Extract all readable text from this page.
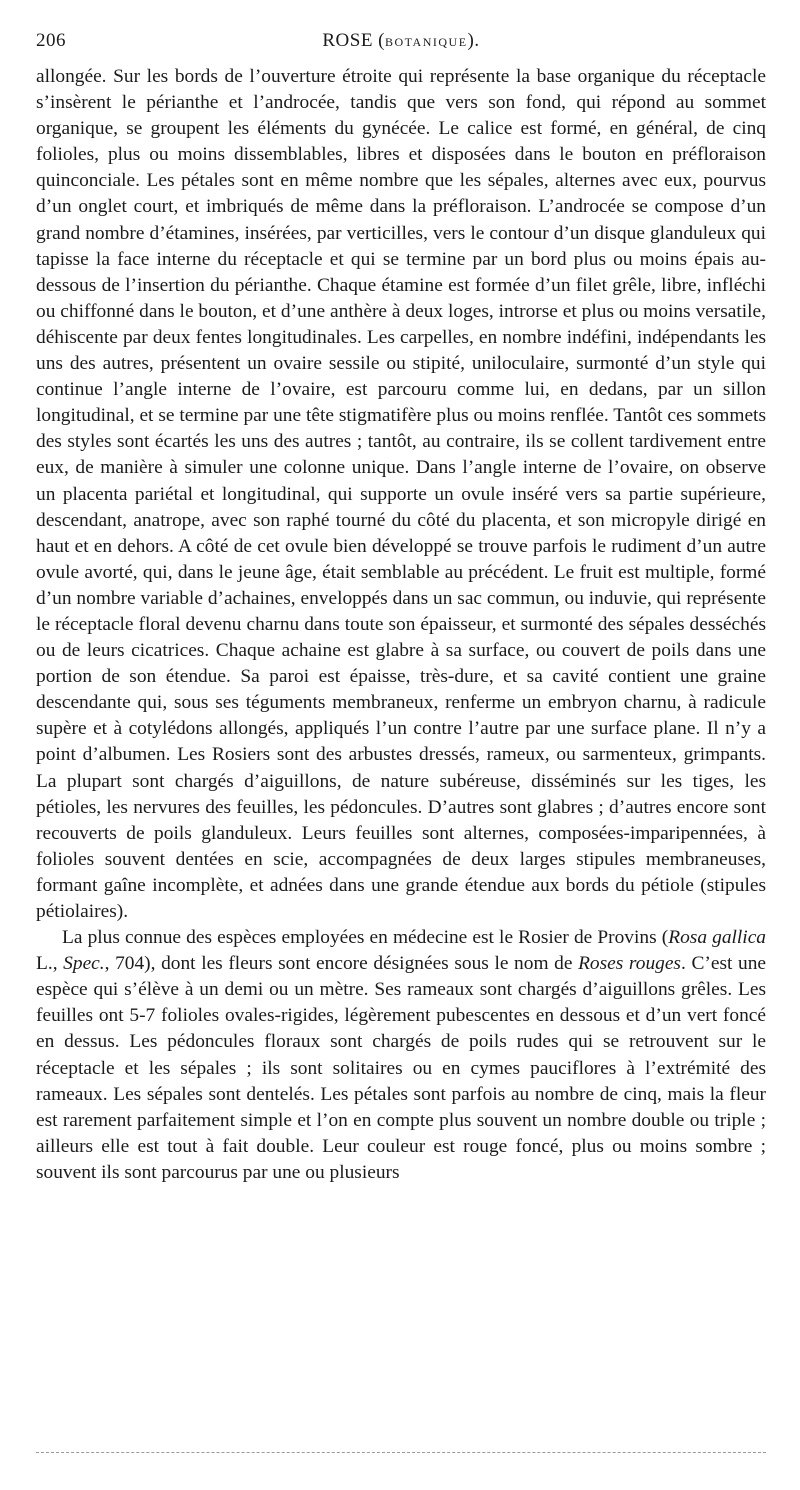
206	ROSE (BOTANIQUE).

allongée. Sur les bords de l’ouverture étroite qui représente la base organique du réceptacle s’insèrent le périanthe et l’androcée, tandis que vers son fond, qui répond au sommet organique, se groupent les éléments du gynécée. Le calice est formé, en général, de cinq folioles, plus ou moins dissemblables, libres et disposées dans le bouton en préfloraison quinconciale. Les pétales sont en même nombre que les sépales, alternes avec eux, pourvus d’un onglet court, et imbriqués de même dans la préfloraison. L’androcée se compose d’un grand nombre d’étamines, insérées, par verticilles, vers le contour d’un disque glanduleux qui tapisse la face interne du réceptacle et qui se termine par un bord plus ou moins épais au-dessous de l’insertion du périanthe. Chaque étamine est formée d’un filet grêle, libre, infléchi ou chiffonné dans le bouton, et d’une anthère à deux loges, introrse et plus ou moins versatile, déhiscente par deux fentes longitudinales. Les carpelles, en nombre indéfini, indépendants les uns des autres, présentent un ovaire sessile ou stipité, uniloculaire, surmonté d’un style qui continue l’angle interne de l’ovaire, est parcouru comme lui, en dedans, par un sillon longitudinal, et se termine par une tête stigmatifère plus ou moins renflée. Tantôt ces sommets des styles sont écartés les uns des autres ; tantôt, au contraire, ils se collent tardivement entre eux, de manière à simuler une colonne unique. Dans l’angle interne de l’ovaire, on observe un placenta pariétal et longitudinal, qui supporte un ovule inséré vers sa partie supérieure, descendant, anatrope, avec son raphé tourné du côté du placenta, et son micropyle dirigé en haut et en dehors. A côté de cet ovule bien développé se trouve parfois le rudiment d’un autre ovule avorté, qui, dans le jeune âge, était semblable au précédent. Le fruit est multiple, formé d’un nombre variable d’achaines, enveloppés dans un sac commun, ou induvie, qui représente le réceptacle floral devenu charnu dans toute son épaisseur, et surmonté des sépales desséchés ou de leurs cicatrices. Chaque achaine est glabre à sa surface, ou couvert de poils dans une portion de son étendue. Sa paroi est épaisse, très-dure, et sa cavité contient une graine descendante qui, sous ses téguments membraneux, renferme un embryon charnu, à radicule supère et à cotylédons allongés, appliqués l’un contre l’autre par une surface plane. Il n’y a point d’albumen. Les Rosiers sont des arbustes dressés, rameux, ou sarmenteux, grimpants. La plupart sont chargés d’aiguillons, de nature subéreuse, disséminés sur les tiges, les pétioles, les nervures des feuilles, les pédoncules. D’autres sont glabres ; d’autres encore sont recouverts de poils glanduleux. Leurs feuilles sont alternes, composées-imparipennées, à folioles souvent dentées en scie, accompagnées de deux larges stipules membraneuses, formant gaîne incomplète, et adnées dans une grande étendue aux bords du pétiole (stipules pétiolaires).

La plus connue des espèces employées en médecine est le Rosier de Provins (Rosa gallica L., Spec., 704), dont les fleurs sont encore désignées sous le nom de Roses rouges. C’est une espèce qui s’élève à un demi ou un mètre. Ses rameaux sont chargés d’aiguillons grêles. Les feuilles ont 5-7 folioles ovales-rigides, légèrement pubescentes en dessous et d’un vert foncé en dessus. Les pédoncules floraux sont chargés de poils rudes qui se retrouvent sur le réceptacle et les sépales ; ils sont solitaires ou en cymes pauciflores à l’extrémité des rameaux. Les sépales sont dentelés. Les pétales sont parfois au nombre de cinq, mais la fleur est rarement parfaitement simple et l’on en compte plus souvent un nombre double ou triple ; ailleurs elle est tout à fait double. Leur couleur est rouge foncé, plus ou moins sombre ; souvent ils sont parcourus par une ou plusieurs
